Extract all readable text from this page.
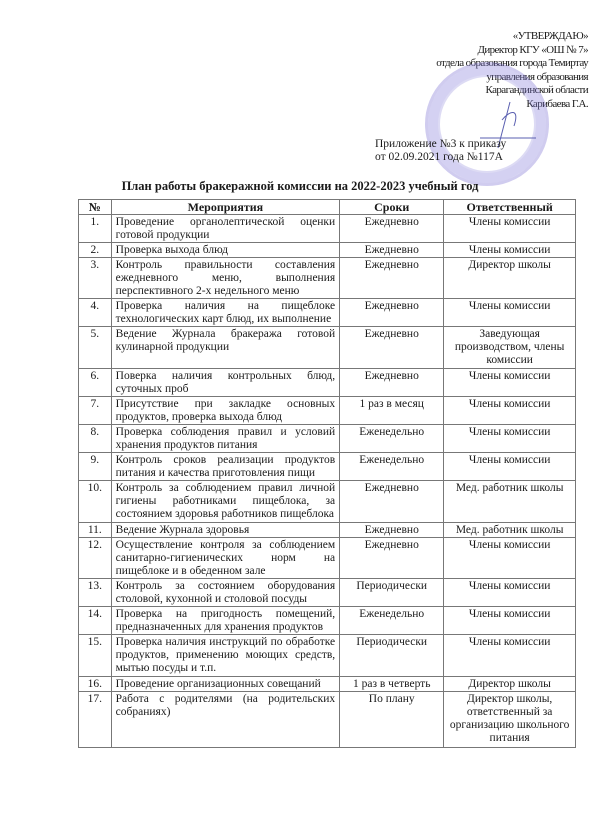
«УТВЕРЖДАЮ»
Директор КГУ «ОШ № 7»
отдела образования города Темиртау
управления образования
Карагандинской области
Карибаева Г.А.
Приложение №3 к приказу
от 02.09.2021 года №117А
План работы бракеражной комиссии на 2022-2023 учебный год
№	Мероприятия	Сроки	Ответственный
1.	Проведение органолептической оценки готовой продукции	Ежедневно	Члены комиссии
2.	Проверка выхода блюд	Ежедневно	Члены комиссии
3.	Контроль правильности составления ежедневного меню, выполнения перспективного 2-х недельного меню	Ежедневно	Директор школы
4.	Проверка наличия на пищеблоке технологических карт блюд, их выполнение	Ежедневно	Члены комиссии
5.	Ведение Журнала бракеража готовой кулинарной продукции	Ежедневно	Заведующая производством, члены комиссии
6.	Поверка наличия контрольных блюд, суточных проб	Ежедневно	Члены комиссии
7.	Присутствие при закладке основных продуктов, проверка выхода блюд	1 раз в месяц	Члены комиссии
8.	Проверка соблюдения правил и условий хранения продуктов питания	Еженедельно	Члены комиссии
9.	Контроль сроков реализации продуктов питания и качества приготовления пищи	Еженедельно	Члены комиссии
10.	Контроль за соблюдением правил личной гигиены работниками пищеблока, за состоянием здоровья работников пищеблока	Ежедневно	Мед. работник школы
11.	Ведение Журнала здоровья	Ежедневно	Мед. работник школы
12.	Осуществление контроля за соблюдением санитарно-гигиенических норм на пищеблоке и в обеденном зале	Ежедневно	Члены комиссии
13.	Контроль за состоянием оборудования столовой, кухонной и столовой посуды	Периодически	Члены комиссии
14.	Проверка на пригодность помещений, предназначенных для хранения продуктов	Еженедельно	Члены комиссии
15.	Проверка наличия инструкций по обработке продуктов, применению моющих средств, мытью посуды и т.п.	Периодически	Члены комиссии
16.	Проведение организационных совещаний	1 раз в четверть	Директор школы
17.	Работа с родителями (на родительских собраниях)	По плану	Директор школы, ответственный за организацию школьного питания
